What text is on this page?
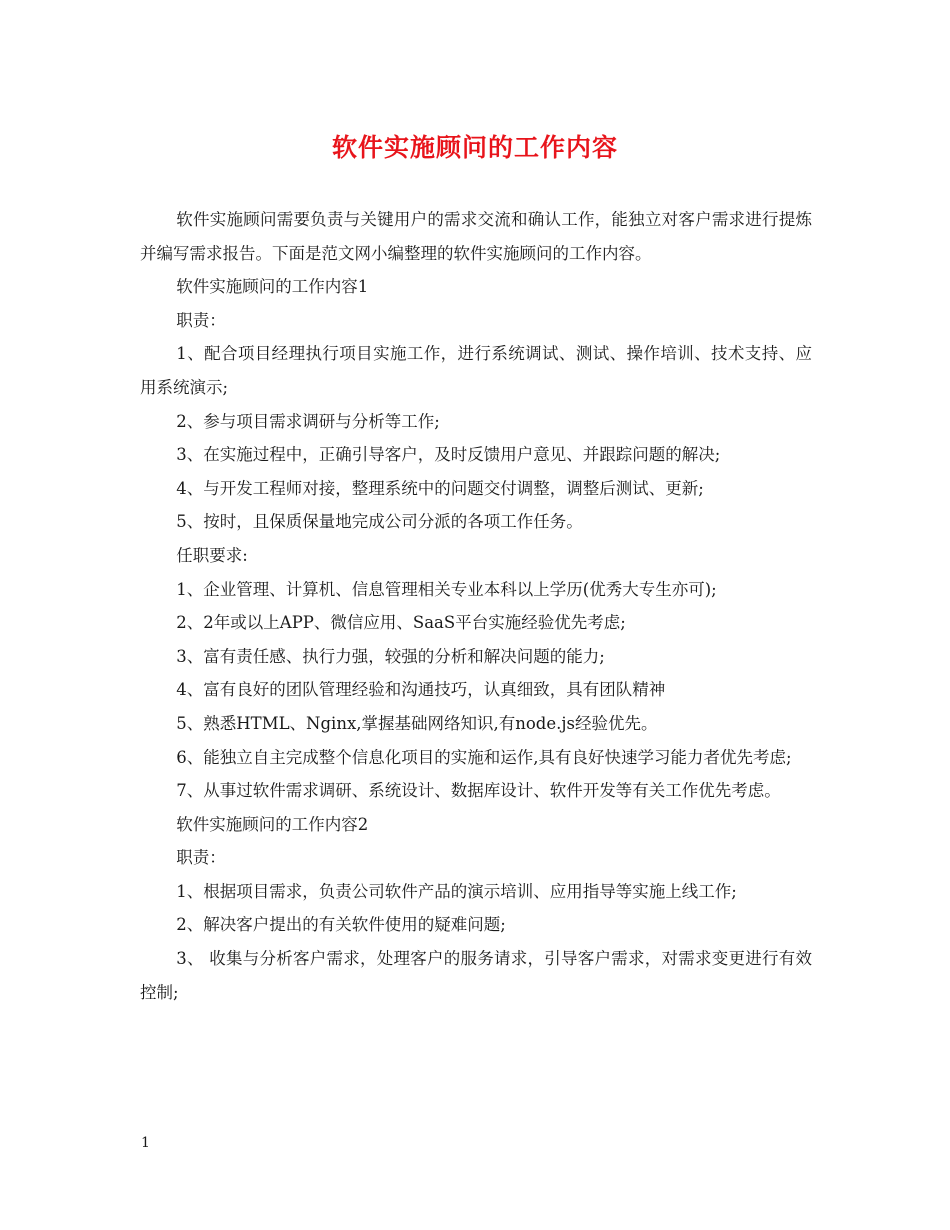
软件实施顾问的工作内容

软件实施顾问需要负责与关键用户的需求交流和确认工作，能独立对客户需求进行提炼并编写需求报告。下面是范文网小编整理的软件实施顾问的工作内容。

软件实施顾问的工作内容1

职责：

1、配合项目经理执行项目实施工作，进行系统调试、测试、操作培训、技术支持、应用系统演示;

2、参与项目需求调研与分析等工作;

3、在实施过程中，正确引导客户，及时反馈用户意见、并跟踪问题的解决;

4、与开发工程师对接，整理系统中的问题交付调整，调整后测试、更新;

5、按时，且保质保量地完成公司分派的各项工作任务。

任职要求:

1、企业管理、计算机、信息管理相关专业本科以上学历(优秀大专生亦可);

2、2年或以上APP、微信应用、SaaS平台实施经验优先考虑;

3、富有责任感、执行力强，较强的分析和解决问题的能力;

4、富有良好的团队管理经验和沟通技巧，认真细致，具有团队精神

5、熟悉HTML、Nginx,掌握基础网络知识,有node.js经验优先。

6、能独立自主完成整个信息化项目的实施和运作,具有良好快速学习能力者优先考虑;

7、从事过软件需求调研、系统设计、数据库设计、软件开发等有关工作优先考虑。

软件实施顾问的工作内容2

职责：

1、根据项目需求，负责公司软件产品的演示培训、应用指导等实施上线工作;

2、解决客户提出的有关软件使用的疑难问题;

3、 收集与分析客户需求，处理客户的服务请求，引导客户需求，对需求变更进行有效控制;

1
